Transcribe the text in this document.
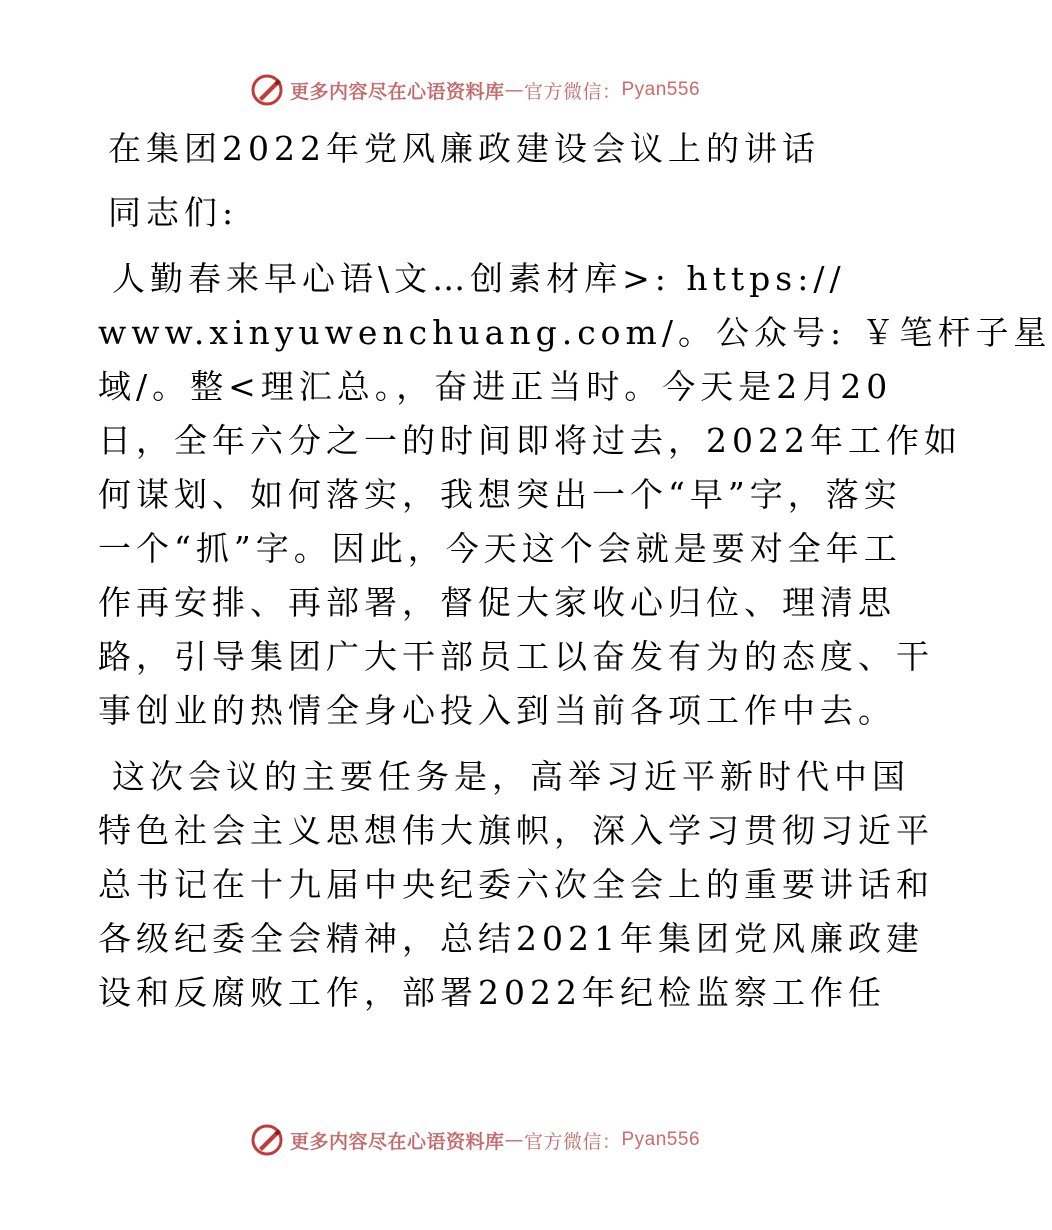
更多内容尽在心语资料库 — 官方微信： Pyan556

在集团2022年党风廉政建设会议上的讲话

同志们:

人勤春来早心语\文…创素材库>: https://

www.xinyuwenchuang.com/。公众号: ￥笔杆子星

域/。整<理汇总。，奋进正当时。今天是2月20

日，全年六分之一的时间即将过去，2022年工作如

何谋划、如何落实，我想突出一个“早”字，落实

一个“抓”字。因此，今天这个会就是要对全年工

作再安排、再部署，督促大家收心归位、理清思

路，引导集团广大干部员工以奋发有为的态度、干

事创业的热情全身心投入到当前各项工作中去。

这次会议的主要任务是，高举习近平新时代中国

特色社会主义思想伟大旗帜，深入学习贯彻习近平

总书记在十九届中央纪委六次全会上的重要讲话和

各级纪委全会精神，总结2021年集团党风廉政建

设和反腐败工作，部署2022年纪检监察工作任

更多内容尽在心语资料库 — 官方微信： Pyan556
